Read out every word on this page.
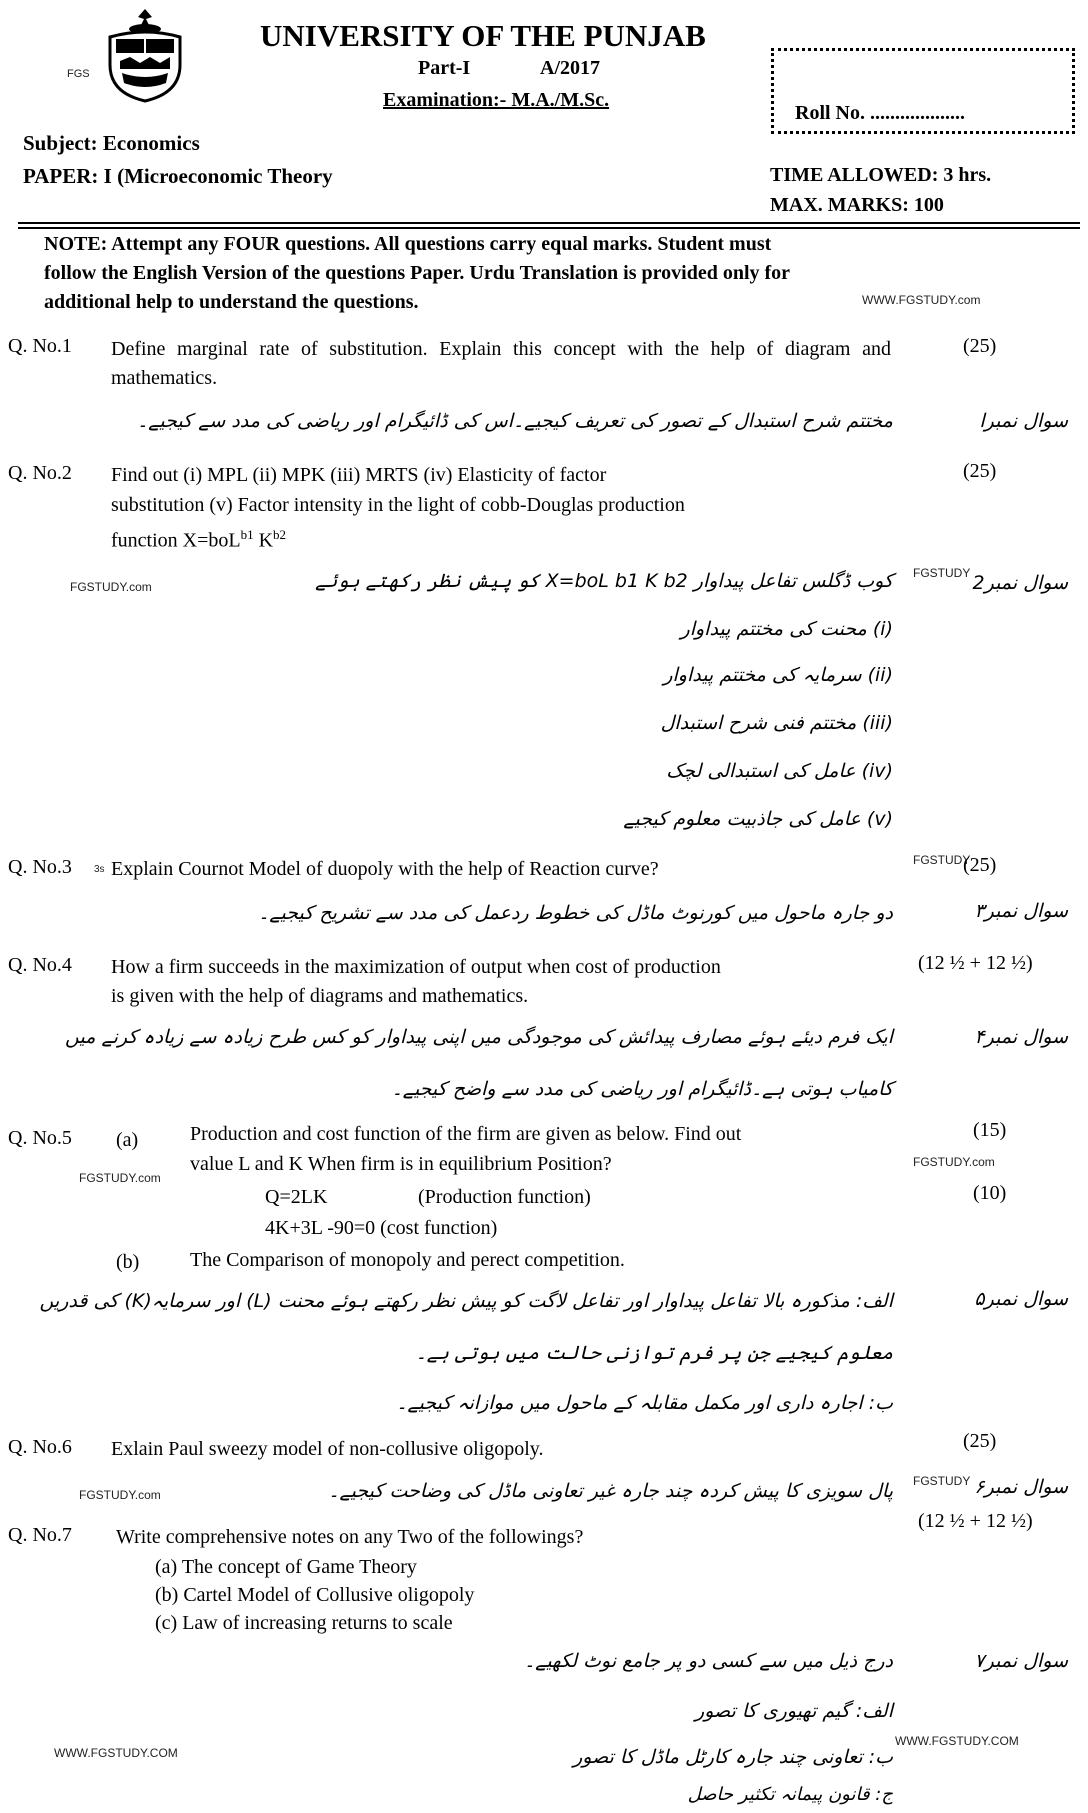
FGS
UNIVERSITY OF THE PUNJAB
Part-I	A/2017
Examination:- M.A./M.Sc.
Roll No. ...................
Subject: Economics
PAPER: I (Microeconomic Theory	TIME ALLOWED: 3 hrs.
MAX. MARKS: 100
NOTE: Attempt any FOUR questions. All questions carry equal marks. Student must
follow the English Version of the questions Paper. Urdu Translation is provided only for
additional help to understand the questions.	WWW.FGSTUDY.com
Q. No.1 Define marginal rate of substitution. Explain this concept with the help of diagram and mathematics.
(25)
سوال نمبرا
مختتم شرح استبدال کے تصور کی تعریف کیجیے۔اس کی ڈائیگرام اور ریاضی کی مدد سے کیجیے۔
Q. No.2 Find out (i) MPL (ii) MPK (iii) MRTS (iv) Elasticity of factor
substitution (v) Factor intensity in the light of cobb-Douglas production
function X=boL$^{b1}$ $K^{b2}$
(25)
FGSTUDY.com
FGSTUDY سوال نمبر2
کوب ڈگلس تفاعل پیداوار X=boL b1 K b2 کو پیش نظر رکھتے ہوئے
(i) محنت کی مختتم پیداوار
(ii) سرمایہ کی مختتم پیداوار
(iii) مختتم فنی شرح استبدال
(iv) عامل کی استبدالی لچک
(v) عامل کی جاذبیت معلوم کیجیے
Q. No.3 3s Explain Cournot Model of duopoly with the help of Reaction curve?	FGSTUDY
(25)
سوال نمبر۳
دو جارہ ماحول میں کورنوٹ ماڈل کی خطوط ردعمل کی مدد سے تشریح کیجیے۔
Q. No.4 How a firm succeeds in the maximization of output when cost of production
is given with the help of diagrams and mathematics.
(12 ½ + 12 ½)
سوال نمبر۴
ایک فرم دیئے ہوئے مصارف پیدائش کی موجودگی میں اپنی پیداوار کو کس طرح زیادہ سے زیادہ کرنے میں
کامیاب ہوتی ہے۔ڈائیگرام اور ریاضی کی مدد سے واضح کیجیے۔
Q. No.5 (a)	Production and cost function of the firm are given as below. Find out
value L and K When firm is in equilibrium Position?
(15)
FGSTUDY.com
FGSTUDY.com
Q=2LK	(Production function)	(10)
4K+3L -90=0 (cost function)
(b)	The Comparison of monopoly and perect competition.
سوال نمبر۵
الف: مذکورہ بالا تفاعل پیداوار اور تفاعل لاگت کو پیش نظر رکھتے ہوئے محنت (L) اور سرمایہ(K) کی قدریں
معلوم کیجیے جن پر فرم توازنی حالت میں ہوتی ہے۔
ب: اجارہ داری اور مکمل مقابلہ کے ماحول میں موازانہ کیجیے۔
Q. No.6 Exlain Paul sweezy model of non-collusive oligopoly.	(25)
FGSTUDY.com
FGSTUDY سوال نمبر۶
پال سویزی کا پیش کردہ چند جارہ غیر تعاونی ماڈل کی وضاحت کیجیے۔
Q. No.7 Write comprehensive notes on any Two of the followings?
(12 ½ + 12 ½)
(a) The concept of Game Theory
(b) Cartel Model of Collusive oligopoly
(c) Law of increasing returns to scale
سوال نمبر۷
درج ذیل میں سے کسی دو پر جامع نوٹ لکھیے۔
الف: گیم تھیوری کا تصور
ب: تعاونی چند جارہ کارٹل ماڈل کا تصور
ج: قانون پیمانہ تکثیر حاصل
WWW.FGSTUDY.COM
WWW.FGSTUDY.COM
